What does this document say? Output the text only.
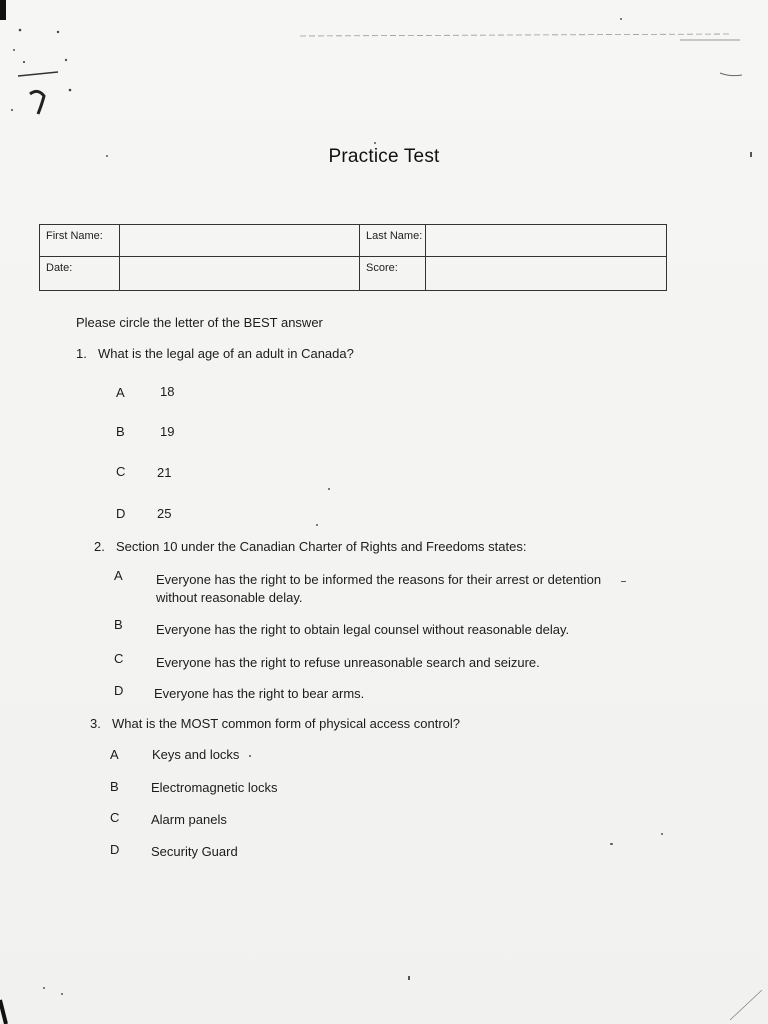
Practice Test
First Name:	Last Name:
Date:	Score:
Please circle the letter of the BEST answer
1. What is the legal age of an adult in Canada?
A	18
B	19
C 21
D 25
2. Section 10 under the Canadian Charter of Rights and Freedoms states:
A	Everyone has the right to be informed the reasons for their arrest or detention without reasonable delay.
B	Everyone has the right to obtain legal counsel without reasonable delay.
C	Everyone has the right to refuse unreasonable search and seizure.
D Everyone has the right to bear arms.
3. What is the MOST common form of physical access control?
A	Keys and locks
B Electromagnetic locks
C Alarm panels
D Security Guard
